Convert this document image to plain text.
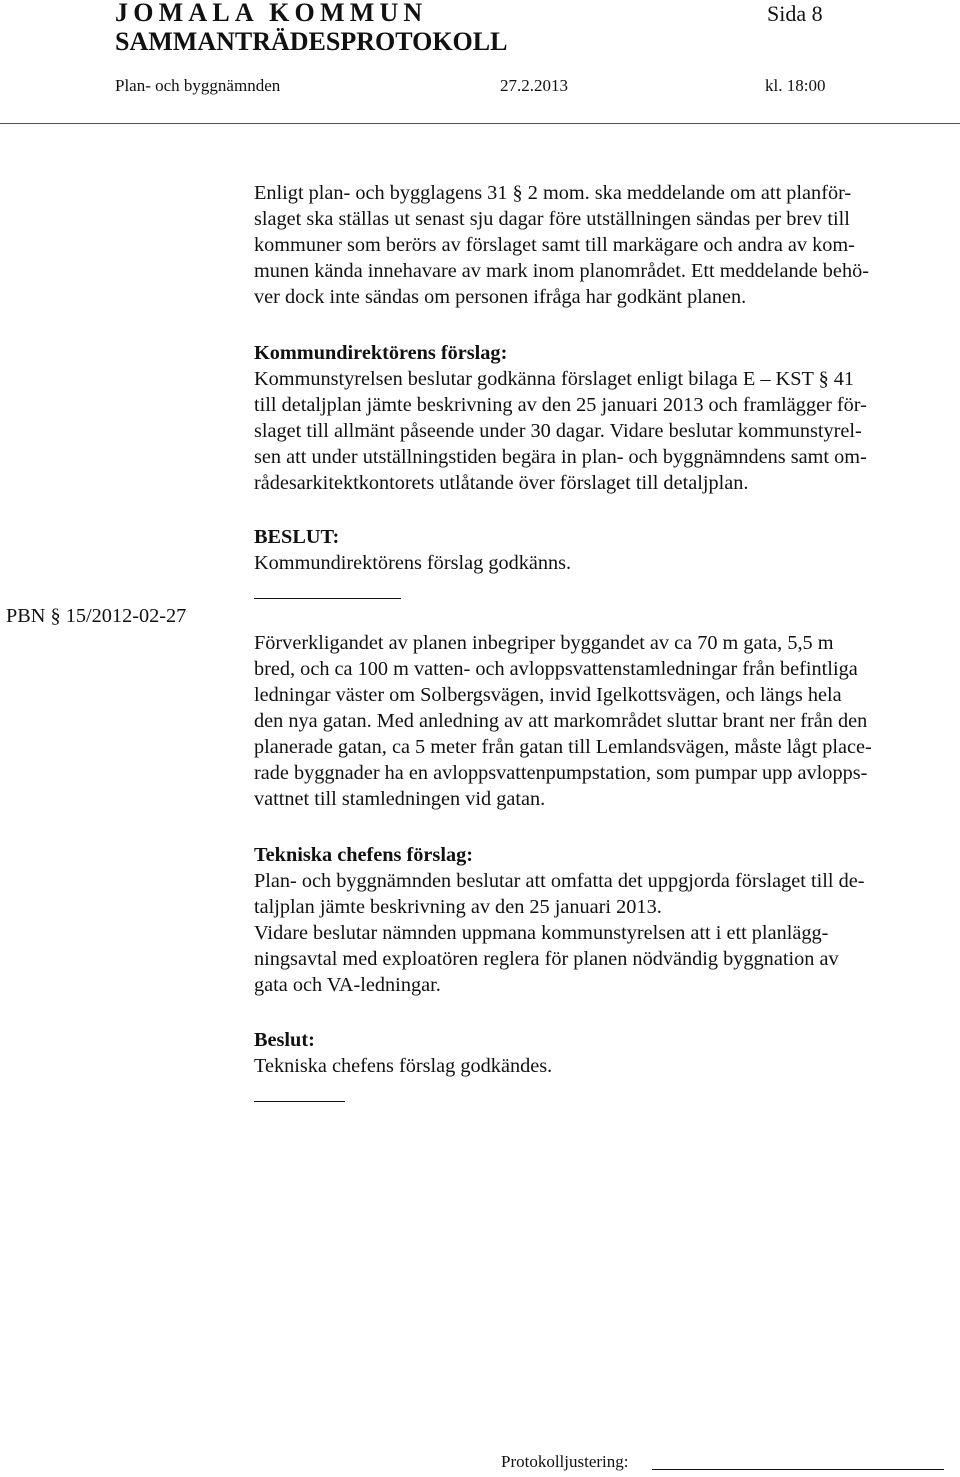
JOMALA KOMMUN
SAMMANTRÄDESPROTOKOLL
Sida 8
Plan- och byggnämnden	27.2.2013	kl. 18:00

Enligt plan- och bygglagens 31 § 2 mom. ska meddelande om att planför-

slaget ska ställas ut senast sju dagar före utställningen sändas per brev till

kommuner som berörs av förslaget samt till markägare och andra av kom-

munen kända innehavare av mark inom planområdet. Ett meddelande behö-

ver dock inte sändas om personen ifråga har godkänt planen.

Kommundirektörens förslag:

Kommunstyrelsen beslutar godkänna förslaget enligt bilaga E – KST § 41

till detaljplan jämte beskrivning av den 25 januari 2013 och framlägger för-

slaget till allmänt påseende under 30 dagar. Vidare beslutar kommunstyrel-

sen att under utställningstiden begära in plan- och byggnämndens samt om-

rådesarkitektkontorets utlåtande över förslaget till detaljplan.

BESLUT:

Kommundirektörens förslag godkänns.

PBN § 15/2012-02-27

Förverkligandet av planen inbegriper byggandet av ca 70 m gata, 5,5 m

bred, och ca 100 m vatten- och avloppsvattenstamledningar från befintliga

ledningar väster om Solbergsvägen, invid Igelkottsvägen, och längs hela

den nya gatan. Med anledning av att markområdet sluttar brant ner från den

planerade gatan, ca 5 meter från gatan till Lemlandsvägen, måste lågt place-

rade byggnader ha en avloppsvattenpumpstation, som pumpar upp avlopps-

vattnet till stamledningen vid gatan.

Tekniska chefens förslag:

Plan- och byggnämnden beslutar att omfatta det uppgjorda förslaget till de-

taljplan jämte beskrivning av den 25 januari 2013.

Vidare beslutar nämnden uppmana kommunstyrelsen att i ett planlägg-

ningsavtal med exploatören reglera för planen nödvändig byggnation av

gata och VA-ledningar.

Beslut:

Tekniska chefens förslag godkändes.

Protokolljustering:
